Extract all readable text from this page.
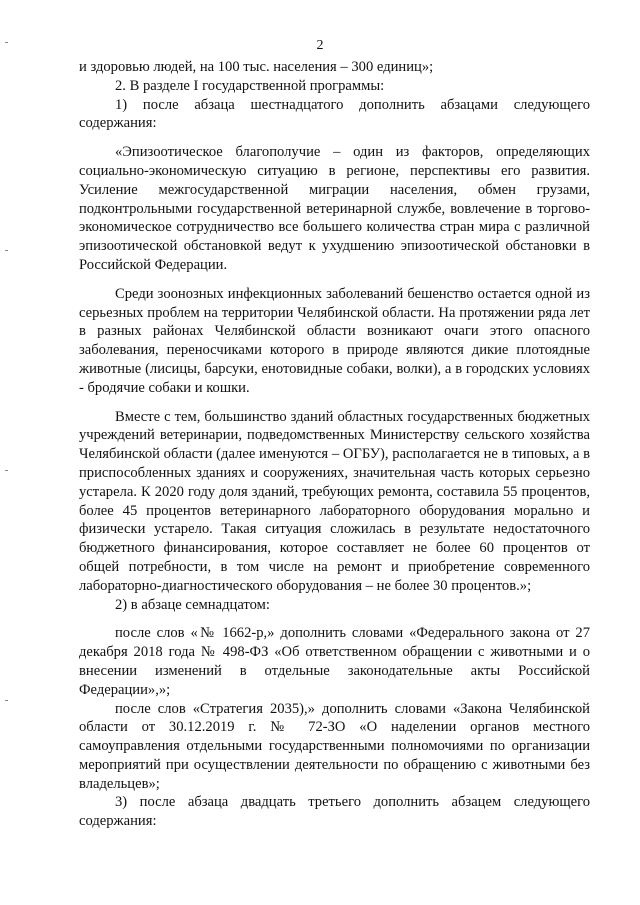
2

и здоровью людей, на 100 тыс. населения – 300 единиц»;

2. В разделе I государственной программы:

1) после абзаца шестнадцатого дополнить абзацами следующего содержания:

«Эпизоотическое благополучие – один из факторов, определяющих социально-экономическую ситуацию в регионе, перспективы его развития. Усиление межгосударственной миграции населения, обмен грузами, подконтрольными государственной ветеринарной службе, вовлечение в торгово-экономическое сотрудничество все большего количества стран мира с различной эпизоотической обстановкой ведут к ухудшению эпизоотической обстановки в Российской Федерации.

Среди зоонозных инфекционных заболеваний бешенство остается одной из серьезных проблем на территории Челябинской области. На протяжении ряда лет в разных районах Челябинской области возникают очаги этого опасного заболевания, переносчиками которого в природе являются дикие плотоядные животные (лисицы, барсуки, енотовидные собаки, волки), а в городских условиях - бродячие собаки и кошки.

Вместе с тем, большинство зданий областных государственных бюджетных учреждений ветеринарии, подведомственных Министерству сельского хозяйства Челябинской области (далее именуются – ОГБУ), располагается не в типовых, а в приспособленных зданиях и сооружениях, значительная часть которых серьезно устарела. К 2020 году доля зданий, требующих ремонта, составила 55 процентов, более 45 процентов ветеринарного лабораторного оборудования морально и физически устарело. Такая ситуация сложилась в результате недостаточного бюджетного финансирования, которое составляет не более 60 процентов от общей потребности, в том числе на ремонт и приобретение современного лабораторно-диагностического оборудования – не более 30 процентов.»;

2) в абзаце семнадцатом:

после слов «№ 1662-р,» дополнить словами «Федерального закона от 27 декабря 2018 года № 498-ФЗ «Об ответственном обращении с животными и о внесении изменений в отдельные законодательные акты Российской Федерации»,»;

после слов «Стратегия 2035),» дополнить словами «Закона Челябинской области от 30.12.2019 г. № 72-ЗО «О наделении органов местного самоуправления отдельными государственными полномочиями по организации мероприятий при осуществлении деятельности по обращению с животными без владельцев»;

3) после абзаца двадцать третьего дополнить абзацем следующего содержания:
